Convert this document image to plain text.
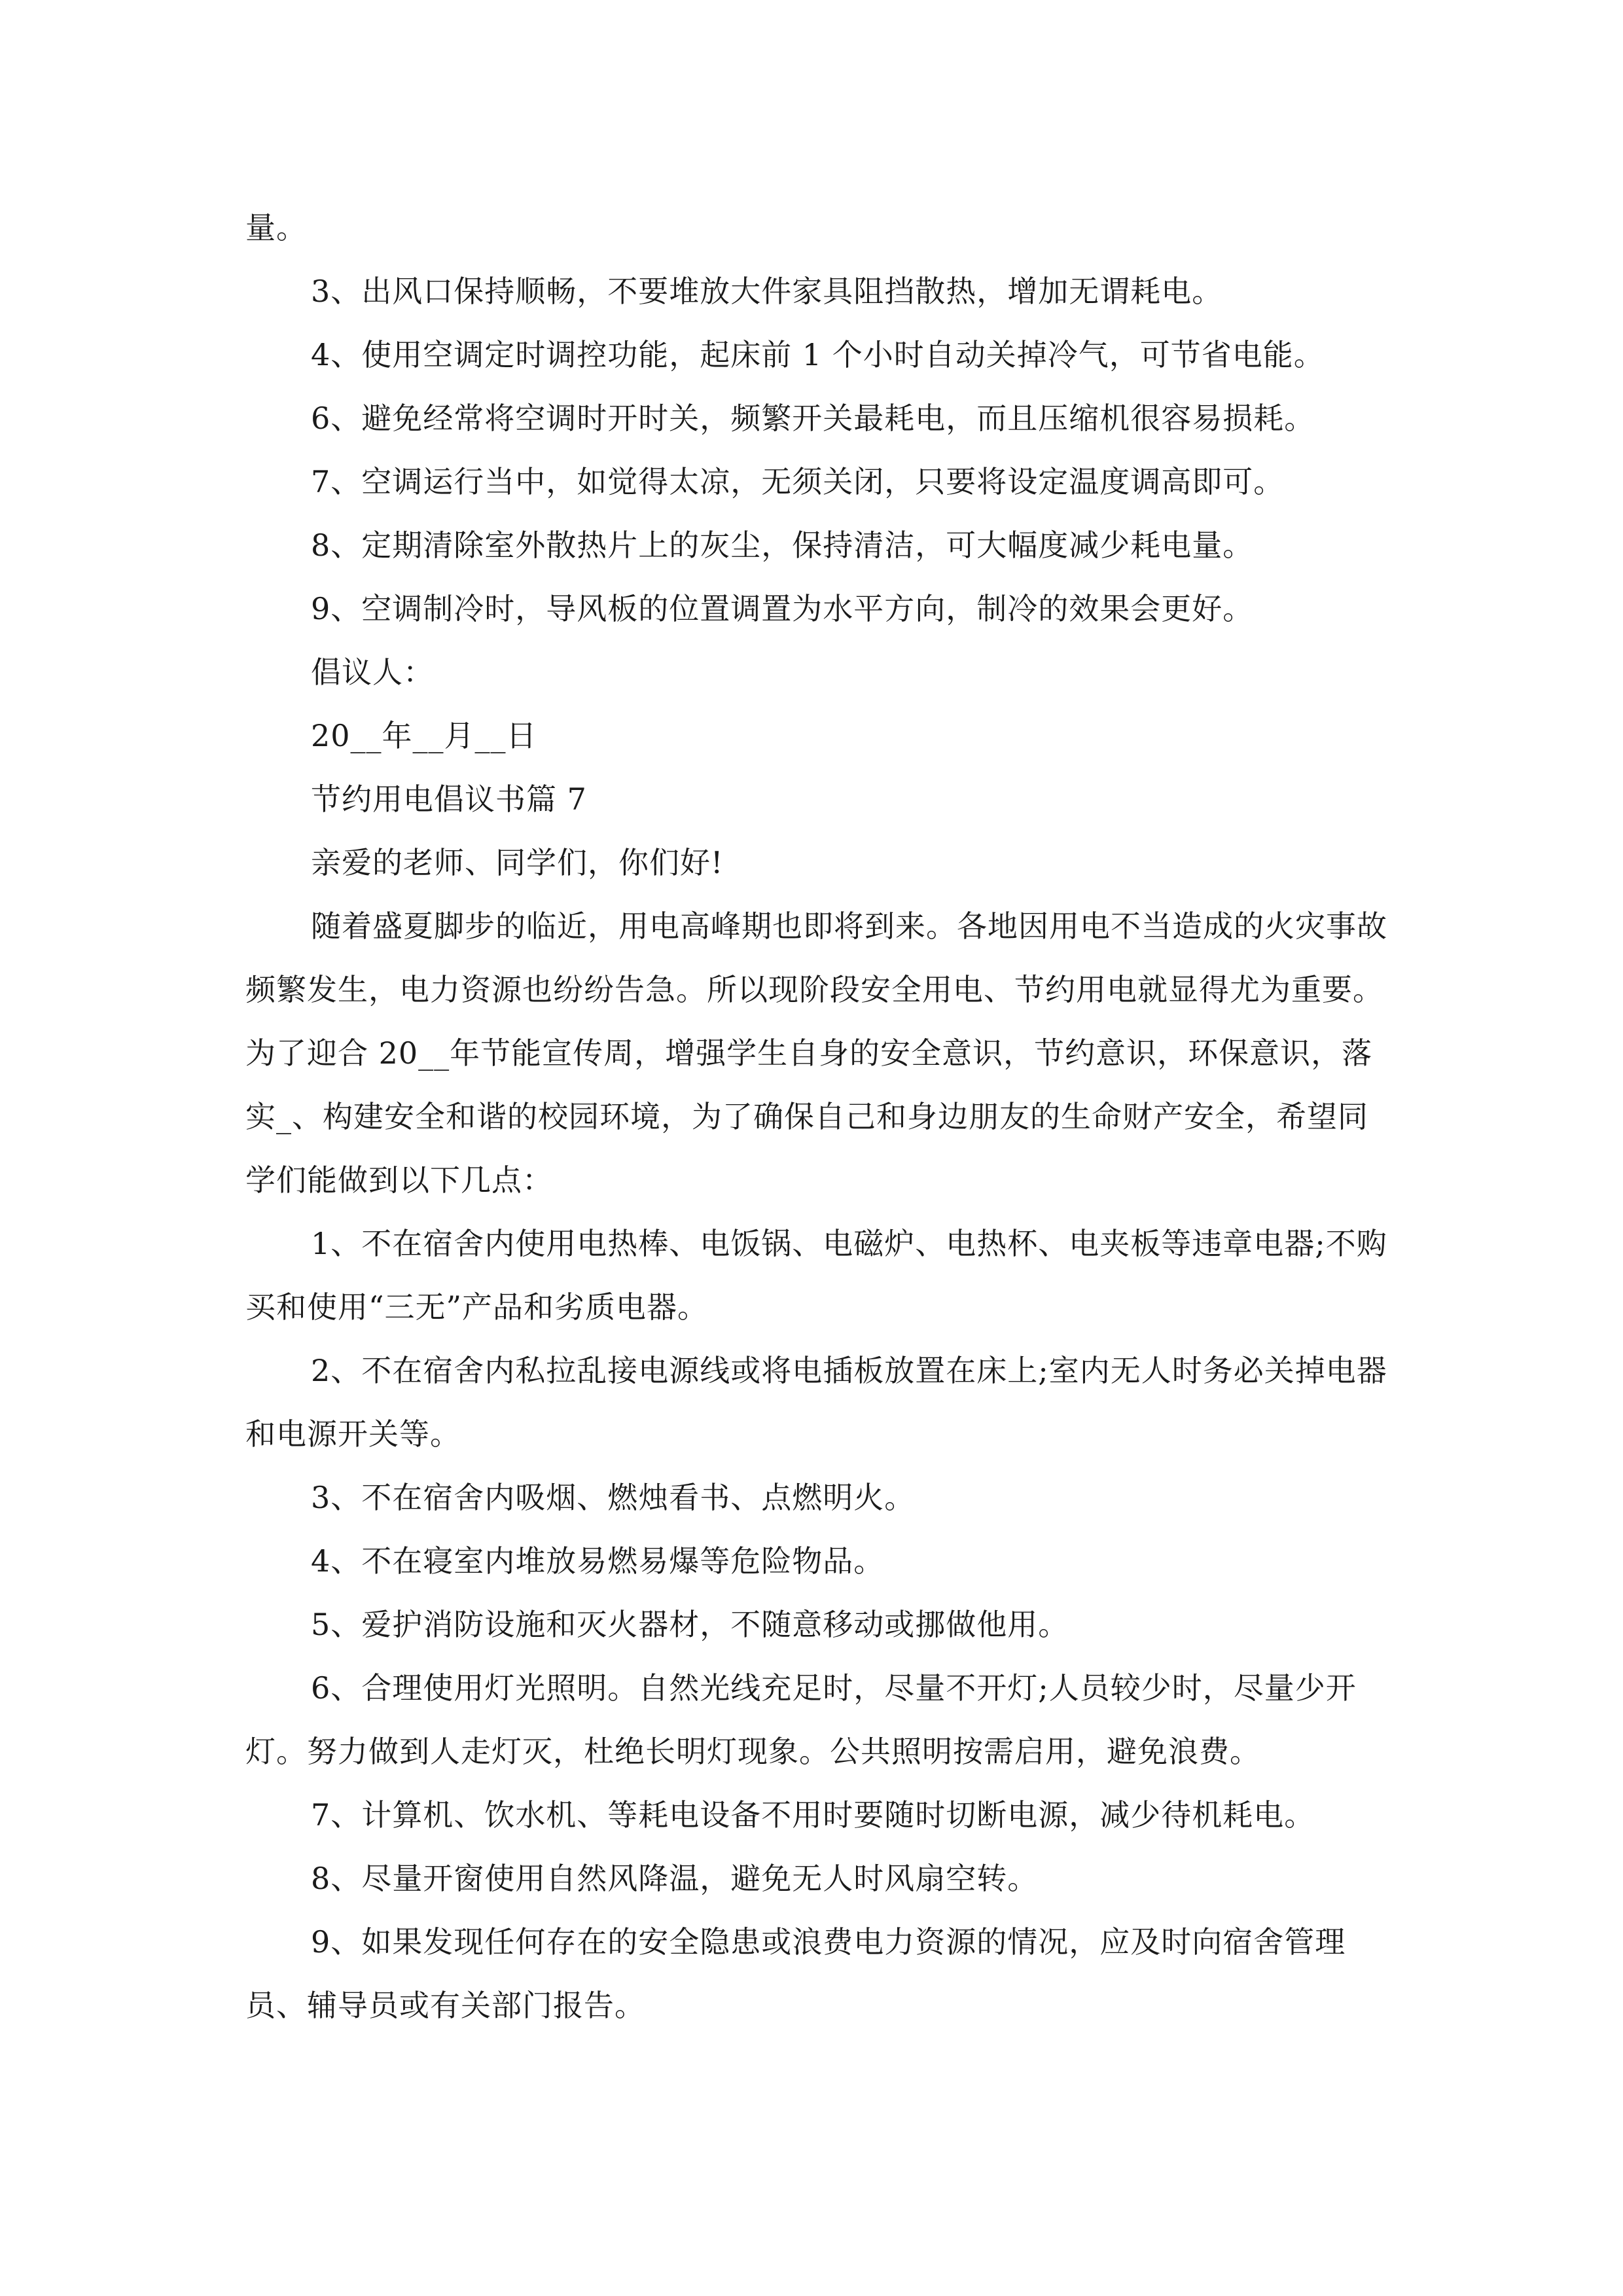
量。

3、出风口保持顺畅，不要堆放大件家具阻挡散热，增加无谓耗电。

4、使用空调定时调控功能，起床前 1 个小时自动关掉冷气，可节省电能。

6、避免经常将空调时开时关，频繁开关最耗电，而且压缩机很容易损耗。

7、空调运行当中，如觉得太凉，无须关闭，只要将设定温度调高即可。

8、定期清除室外散热片上的灰尘，保持清洁，可大幅度减少耗电量。

9、空调制冷时，导风板的位置调置为水平方向，制冷的效果会更好。

倡议人：

20__年__月__日

节约用电倡议书篇 7

亲爱的老师、同学们，你们好!

随着盛夏脚步的临近，用电高峰期也即将到来。各地因用电不当造成的火灾事故频繁发生，电力资源也纷纷告急。所以现阶段安全用电、节约用电就显得尤为重要。为了迎合 20__年节能宣传周，增强学生自身的安全意识，节约意识，环保意识，落实_、构建安全和谐的校园环境，为了确保自己和身边朋友的生命财产安全，希望同学们能做到以下几点：

1、不在宿舍内使用电热棒、电饭锅、电磁炉、电热杯、电夹板等违章电器;不购买和使用“三无”产品和劣质电器。

2、不在宿舍内私拉乱接电源线或将电插板放置在床上;室内无人时务必关掉电器和电源开关等。

3、不在宿舍内吸烟、燃烛看书、点燃明火。

4、不在寝室内堆放易燃易爆等危险物品。

5、爱护消防设施和灭火器材，不随意移动或挪做他用。

6、合理使用灯光照明。自然光线充足时，尽量不开灯;人员较少时，尽量少开灯。努力做到人走灯灭，杜绝长明灯现象。公共照明按需启用，避免浪费。

7、计算机、饮水机、等耗电设备不用时要随时切断电源，减少待机耗电。

8、尽量开窗使用自然风降温，避免无人时风扇空转。

9、如果发现任何存在的安全隐患或浪费电力资源的情况，应及时向宿舍管理员、辅导员或有关部门报告。
